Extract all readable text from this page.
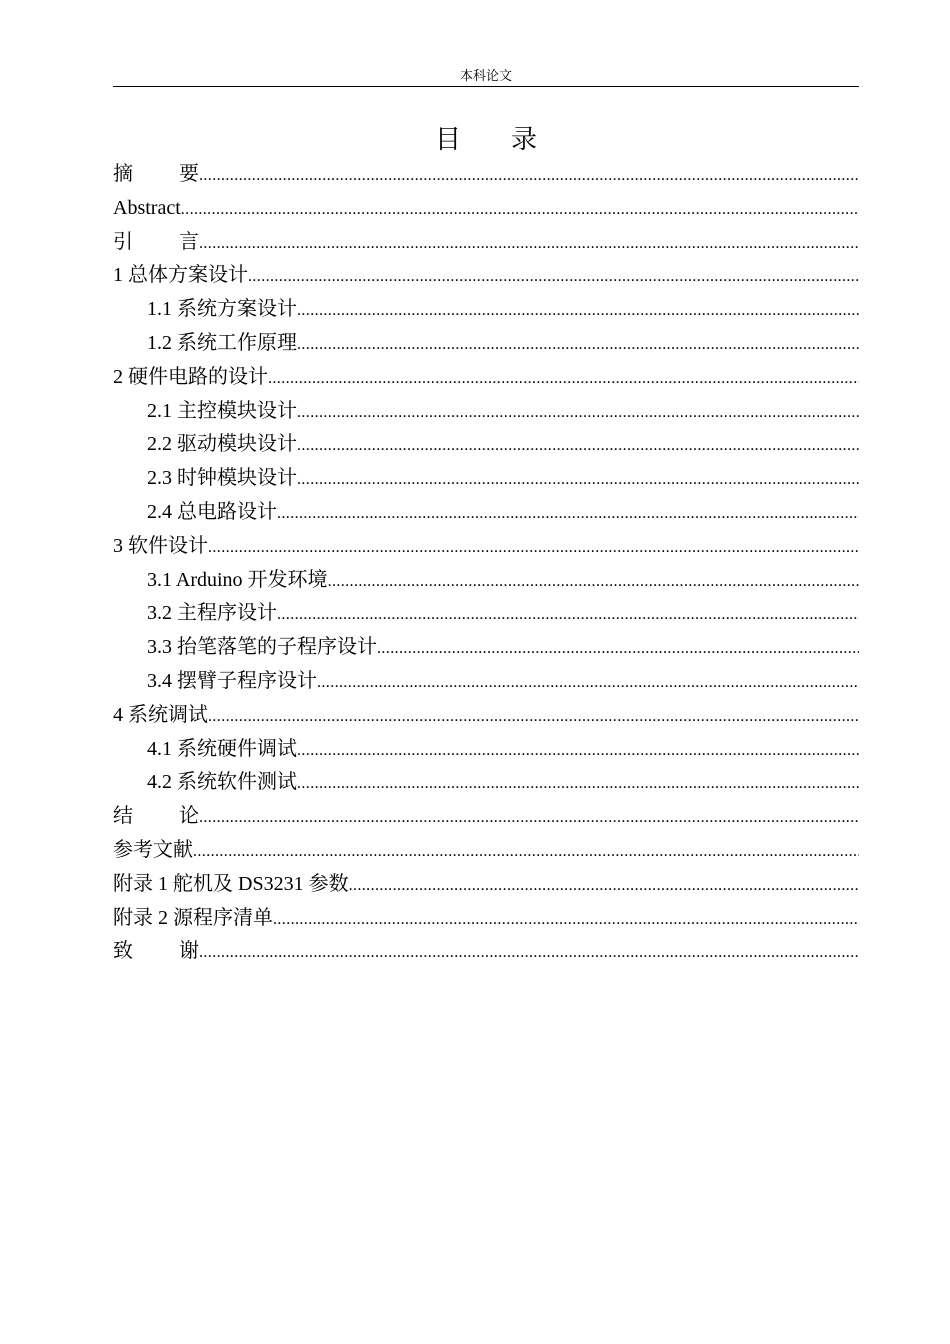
本科论文
目录
摘要
.....
Abstract
.....
引言
.....
1 总体方案设计
.....
1.1 系统方案设计
.....
1.2 系统工作原理
.....
2 硬件电路的设计
.....
2.1 主控模块设计
.....
2.2 驱动模块设计
.....
2.3 时钟模块设计
.....
2.4 总电路设计
.....
3 软件设计
.....
3.1 Arduino 开发环境
.....
3.2 主程序设计
.....
3.3 抬笔落笔的子程序设计
.....
3.4 摆臂子程序设计
.....
4 系统调试
.....
4.1 系统硬件调试
.....
4.2 系统软件测试
.....
结论
.....
参考文献
.....
附录 1 舵机及 DS3231 参数
.....
附录 2 源程序清单
.....
致谢
.....
